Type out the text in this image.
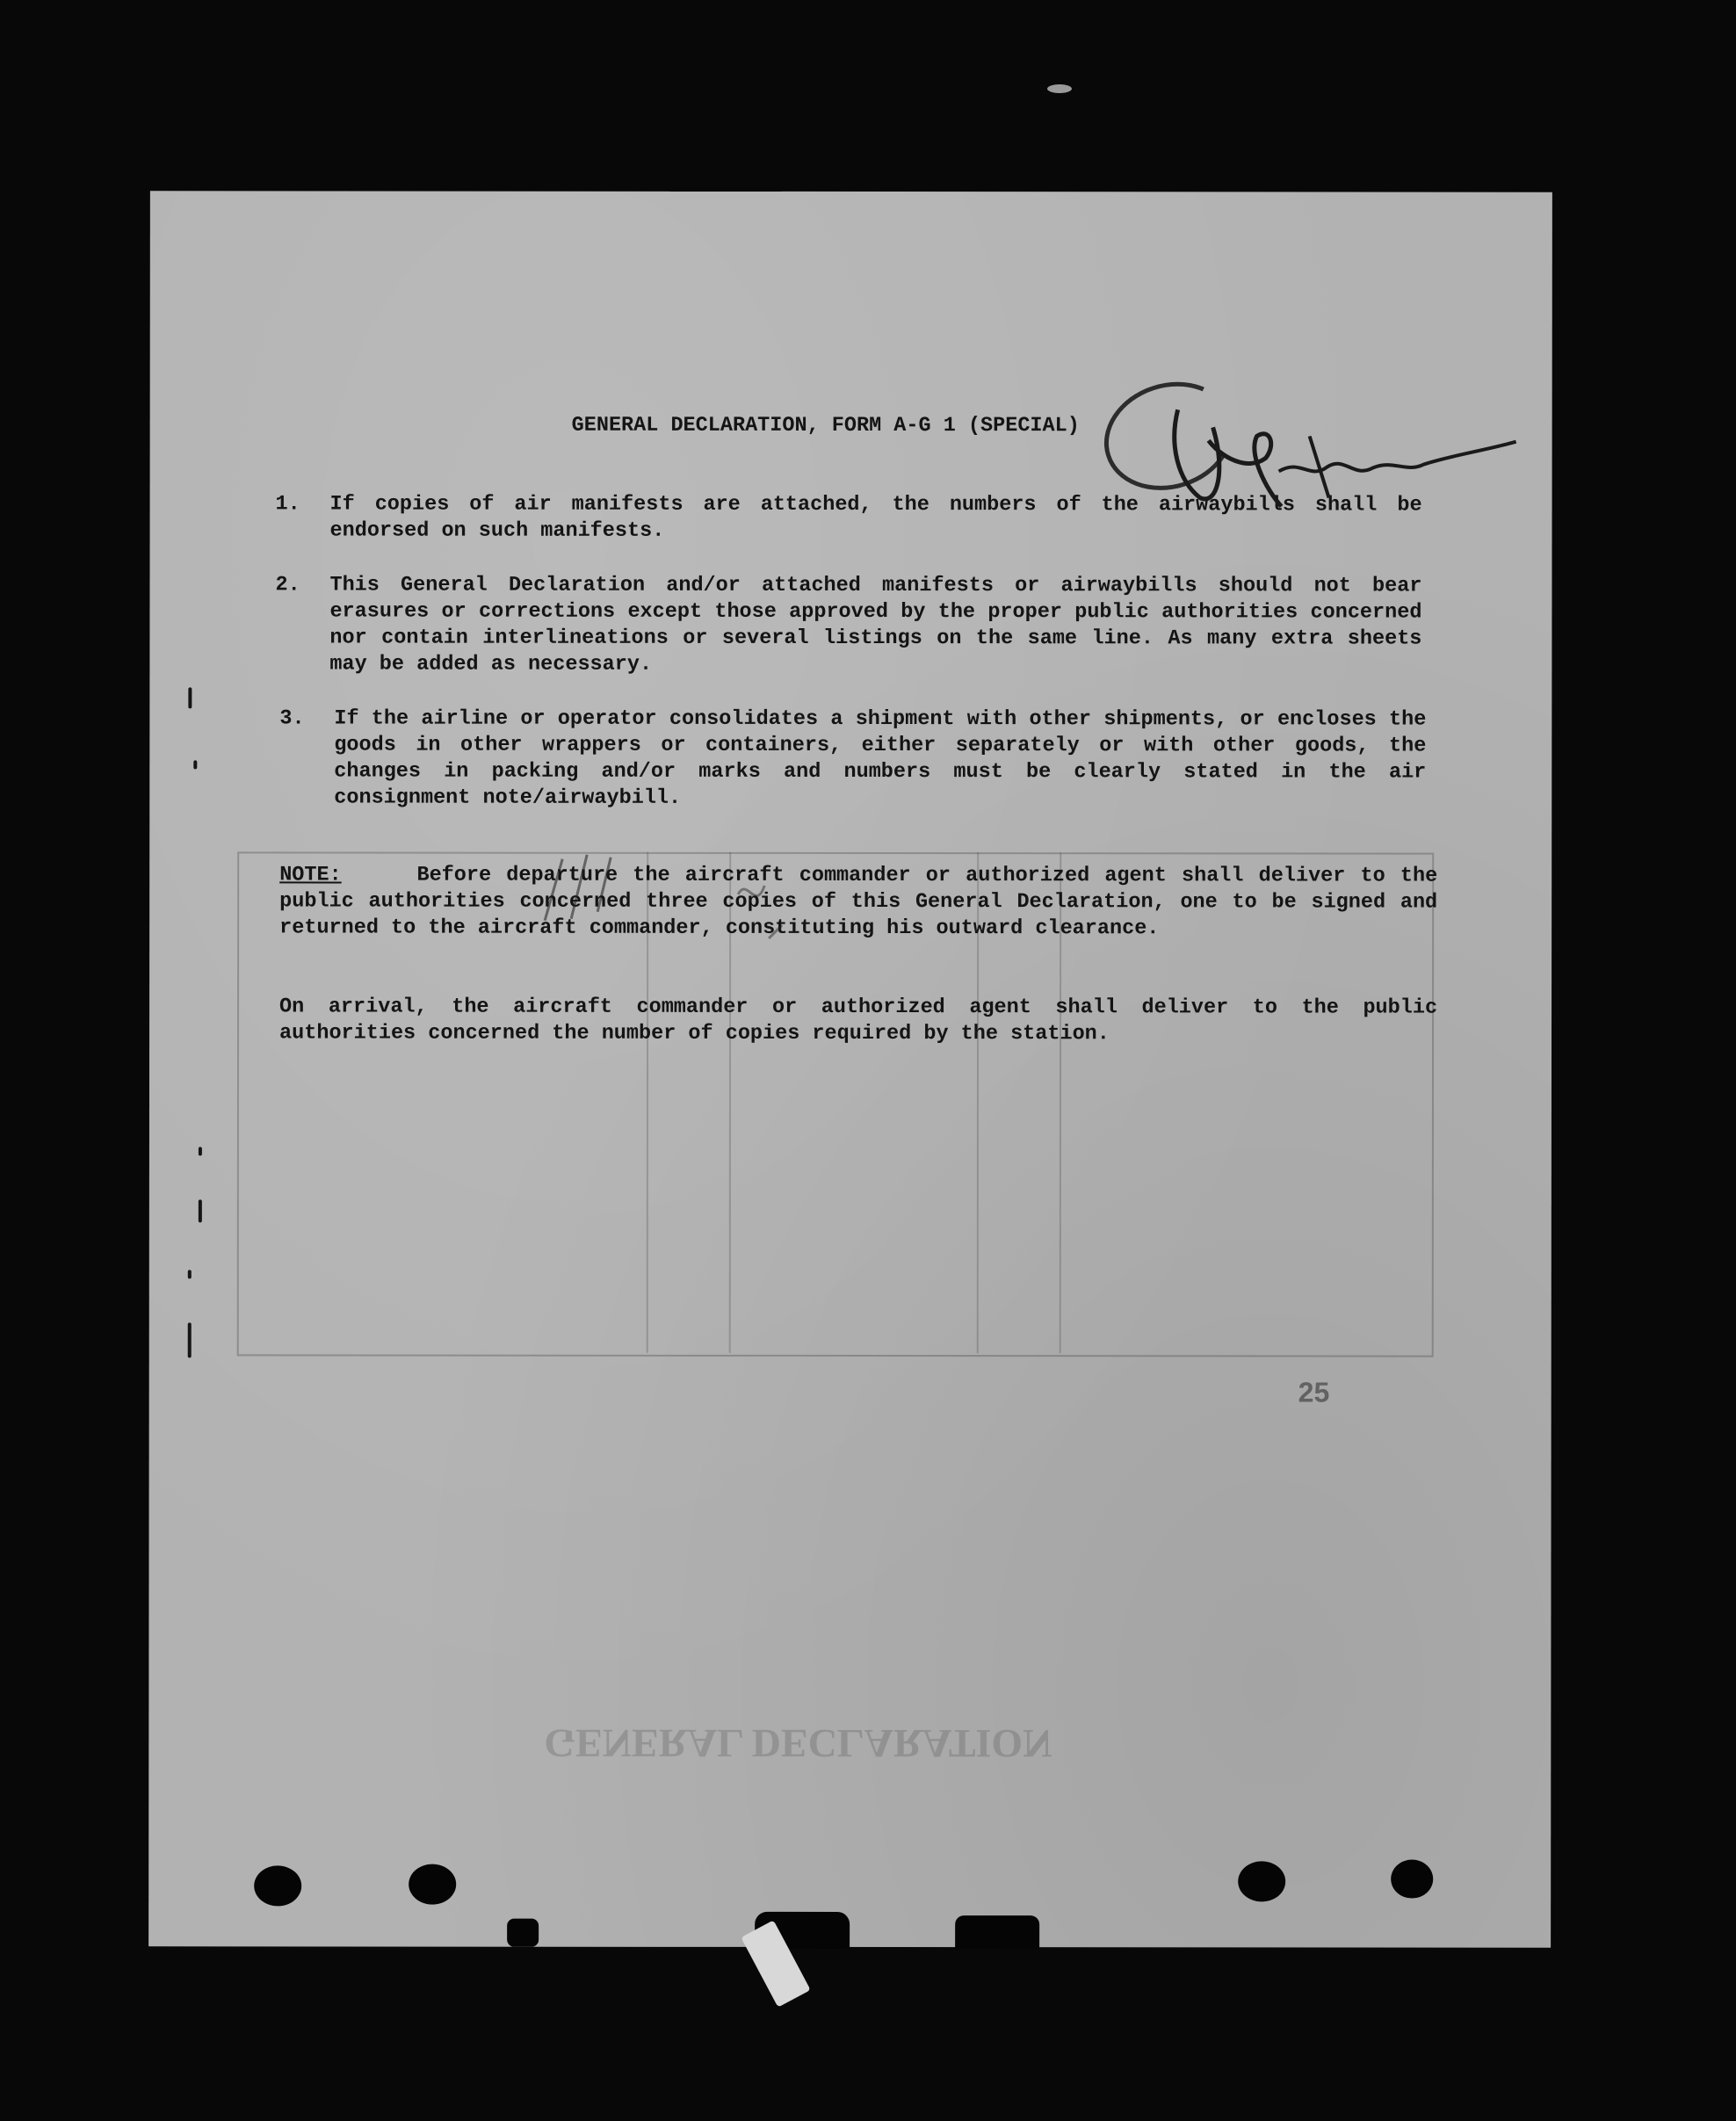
GENERAL DECLARATION
GENERAL DECLARATION, FORM A-G 1 (SPECIAL)
1.	If copies of air manifests are attached, the numbers of the airwaybills shall be endorsed on such manifests.
2.	This General Declaration and/or attached manifests or airwaybills should not bear erasures or corrections except those approved by the proper public authorities concerned nor contain interlineations or several listings on the same line. As many extra sheets may be added as necessary.
3.	If the airline or operator consolidates a shipment with other shipments, or encloses the goods in other wrappers or containers, either separately or with other goods, the changes in packing and/or marks and numbers must be clearly stated in the air consignment note/airwaybill.
NOTE:	Before departure the aircraft commander or authorized agent shall deliver to the public authorities concerned three copies of this General Declaration, one to be signed and returned to the aircraft commander, constituting his outward clearance.
On arrival, the aircraft commander or authorized agent shall deliver to the public authorities concerned the number of copies required by the station.
25
